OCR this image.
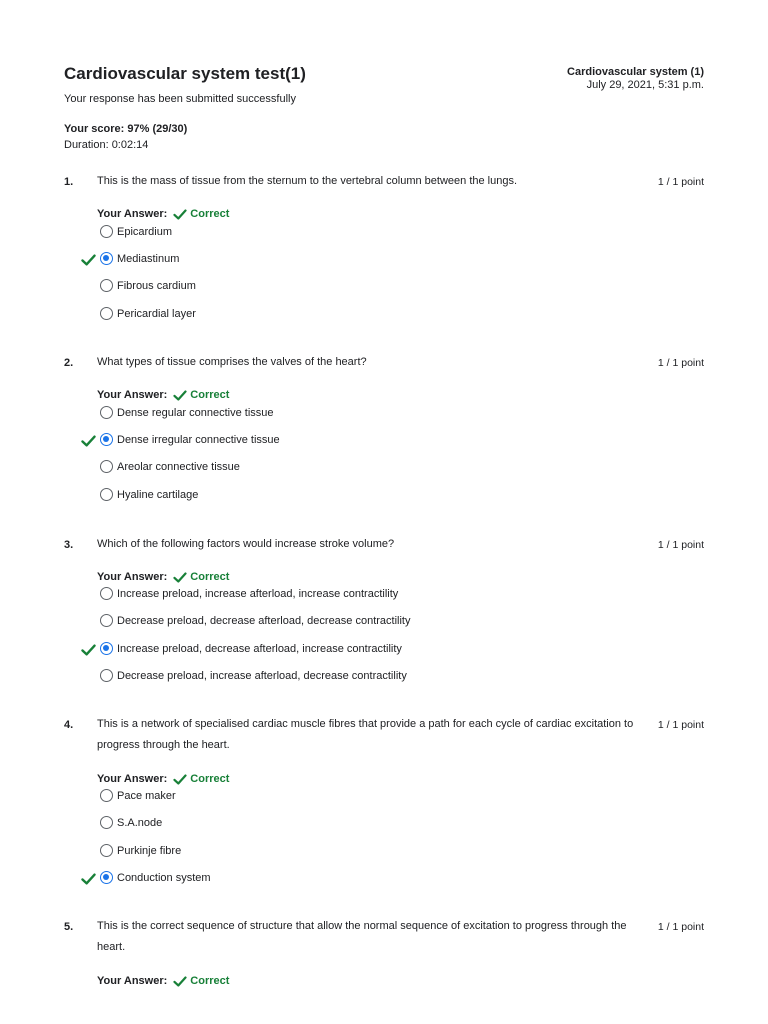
Cardiovascular system test(1)
Your response has been submitted successfully
Cardiovascular system (1)
July 29, 2021, 5:31 p.m.
Your score: 97% (29/30)
Duration: 0:02:14
1. This is the mass of tissue from the sternum to the vertebral column between the lungs.	1 / 1 point
2. What types of tissue comprises the valves of the heart?	1 / 1 point
3. Which of the following factors would increase stroke volume?	1 / 1 point
4. This is a network of specialised cardiac muscle fibres that provide a path for each cycle of cardiac excitation to progress through the heart.
1 / 1 point
5. This is the correct sequence of structure that allow the normal sequence of excitation to progress through the heart.
1 / 1 point
Your Answer: Correct
Epicardium
Mediastinum
Fibrous cardium
Pericardial layer
Your Answer: Correct
Dense regular connective tissue
Dense irregular connective tissue
Areolar connective tissue
Hyaline cartilage
Your Answer: Correct
Increase preload, increase afterload, increase contractility
Decrease preload, decrease afterload, decrease contractility
Increase preload, decrease afterload, increase contractility
Decrease preload, increase afterload, decrease contractility
Your Answer: Correct
Pace maker
S.A.node
Purkinje fibre
Conduction system
Your Answer: Correct
